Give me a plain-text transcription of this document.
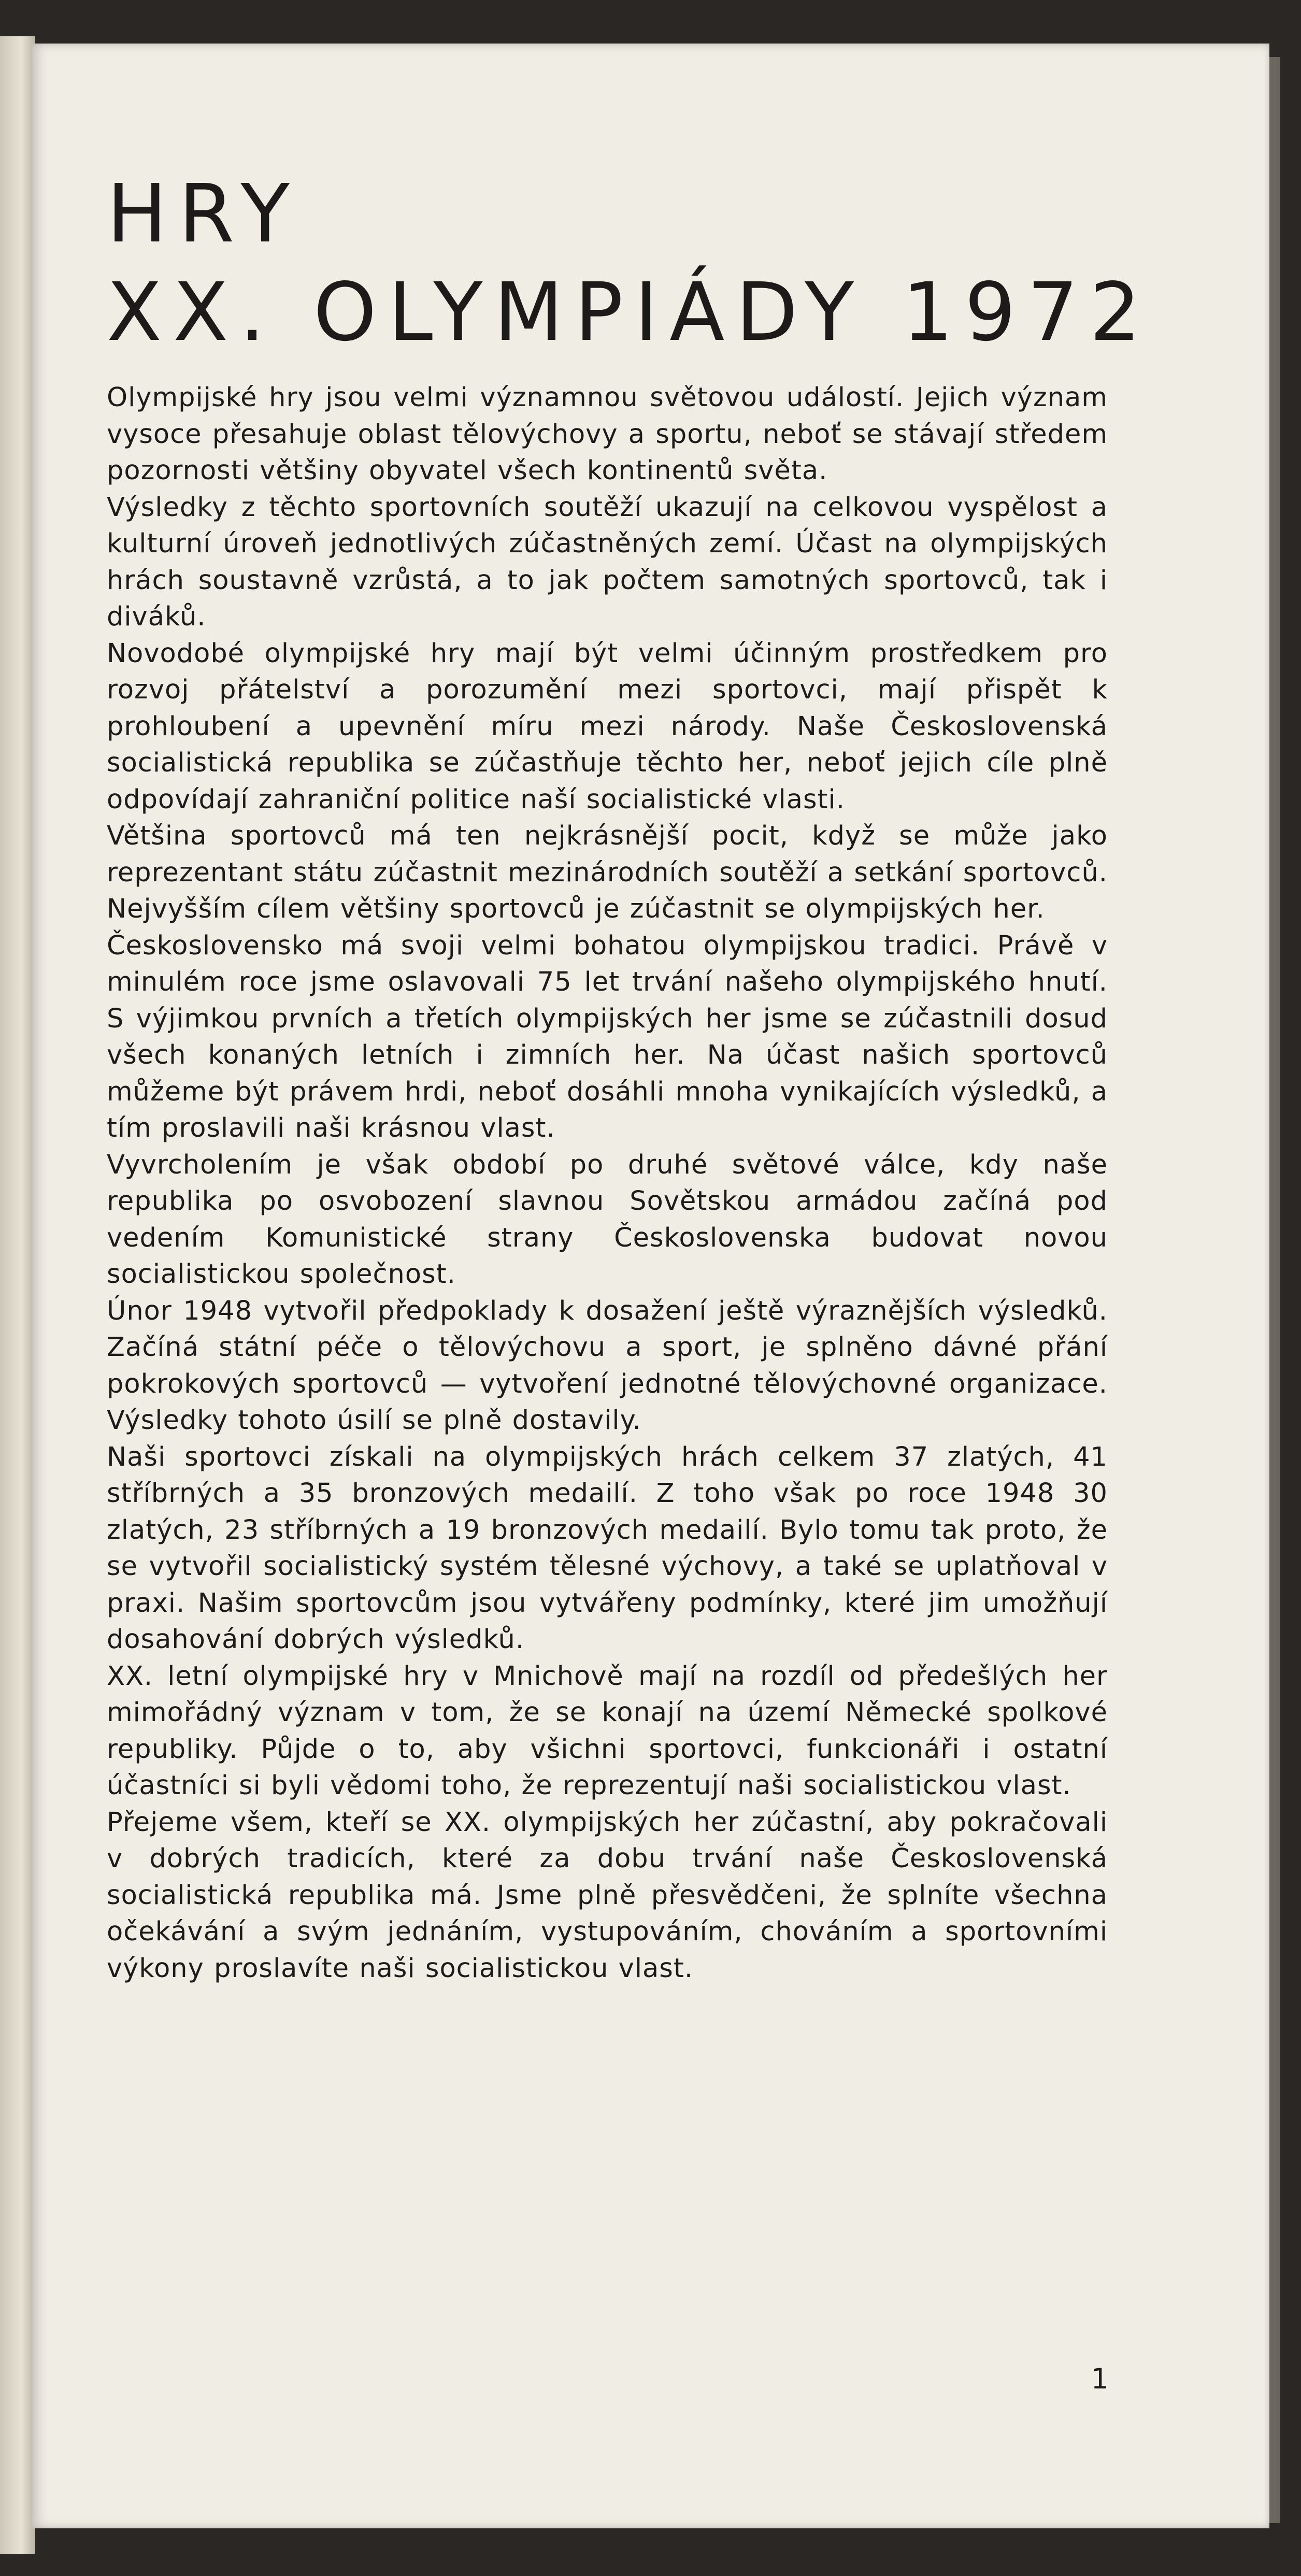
HRY
XX. OLYMPIÁDY 1972

Olympijské hry jsou velmi významnou světovou událostí. Jejich význam vysoce přesahuje oblast tělovýchovy a sportu, neboť se stávají středem pozornosti většiny obyvatel všech kontinentů světa.

Výsledky z těchto sportovních soutěží ukazují na celkovou vyspělost a kulturní úroveň jednotlivých zúčastněných zemí. Účast na olympijských hrách soustavně vzrůstá, a to jak počtem samotných sportovců, tak i diváků.

Novodobé olympijské hry mají být velmi účinným prostředkem pro rozvoj přátelství a porozumění mezi sportovci, mají přispět k prohloubení a upevnění míru mezi národy. Naše Československá socialistická republika se zúčastňuje těchto her, neboť jejich cíle plně odpovídají zahraniční politice naší socialistické vlasti.

Většina sportovců má ten nejkrásnější pocit, když se může jako reprezentant státu zúčastnit mezinárodních soutěží a setkání sportovců. Nejvyšším cílem většiny sportovců je zúčastnit se olympijských her.

Československo má svoji velmi bohatou olympijskou tradici. Právě v minulém roce jsme oslavovali 75 let trvání našeho olympijského hnutí. S výjimkou prvních a třetích olympijských her jsme se zúčastnili dosud všech konaných letních i zimních her. Na účast našich sportovců můžeme být právem hrdi, neboť dosáhli mnoha vynikajících výsledků, a tím proslavili naši krásnou vlast.

Vyvrcholením je však období po druhé světové válce, kdy naše republika po osvobození slavnou Sovětskou armádou začíná pod vedením Komunistické strany Československa budovat novou socialistickou společnost.

Únor 1948 vytvořil předpoklady k dosažení ještě výraznějších výsledků. Začíná státní péče o tělovýchovu a sport, je splněno dávné přání pokrokových sportovců — vytvoření jednotné tělovýchovné organizace. Výsledky tohoto úsilí se plně dostavily.

Naši sportovci získali na olympijských hrách celkem 37 zlatých, 41 stříbrných a 35 bronzových medailí. Z toho však po roce 1948 30 zlatých, 23 stříbrných a 19 bronzových medailí. Bylo tomu tak proto, že se vytvořil socialistický systém tělesné výchovy, a také se uplatňoval v praxi. Našim sportovcům jsou vytvářeny podmínky, které jim umožňují dosahování dobrých výsledků.

XX. letní olympijské hry v Mnichově mají na rozdíl od předešlých her mimořádný význam v tom, že se konají na území Německé spolkové republiky. Půjde o to, aby všichni sportovci, funkcionáři i ostatní účastníci si byli vědomi toho, že reprezentují naši socialistickou vlast.

Přejeme všem, kteří se XX. olympijských her zúčastní, aby pokračovali v dobrých tradicích, které za dobu trvání naše Československá socialistická republika má. Jsme plně přesvědčeni, že splníte všechna očekávání a svým jednáním, vystupováním, chováním a sportovními výkony proslavíte naši socialistickou vlast.

1
